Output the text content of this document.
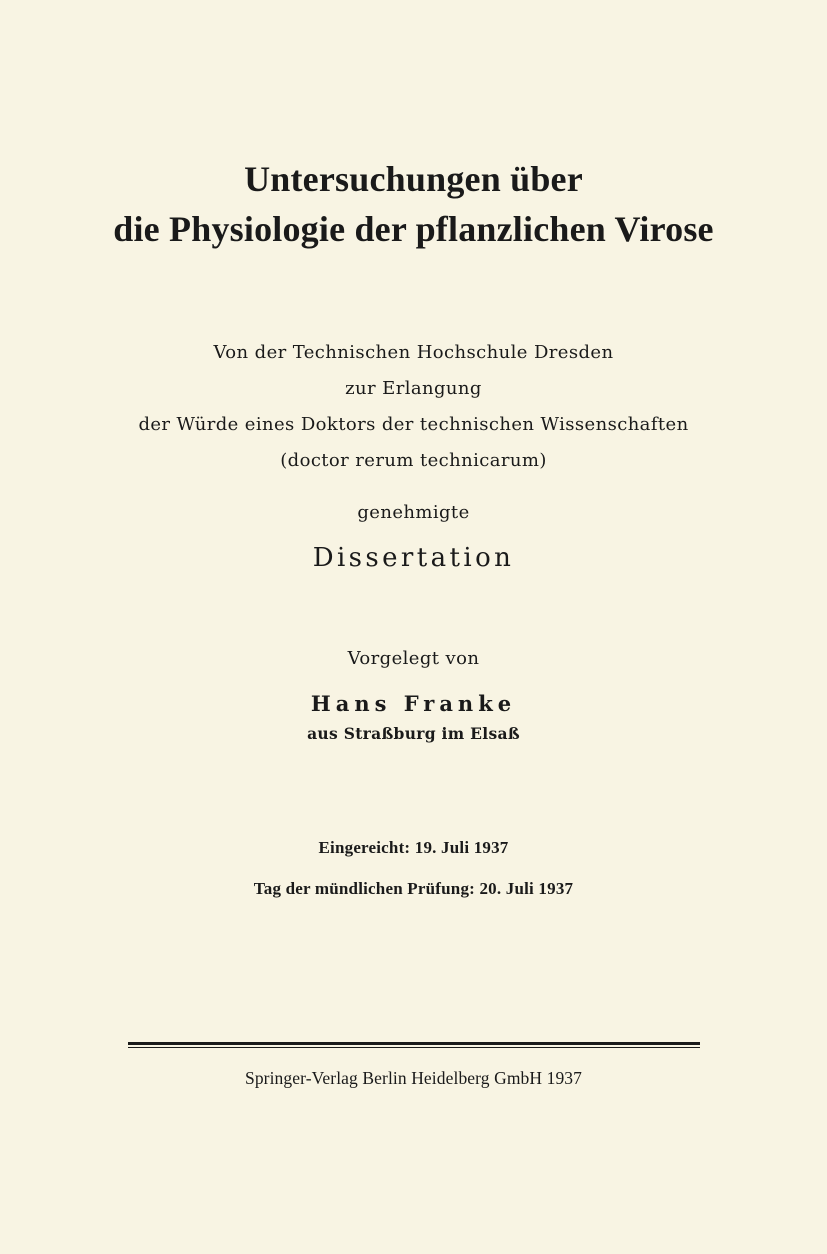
Untersuchungen über
die Physiologie der pflanzlichen Virose
Von der Technischen Hochschule Dresden
zur Erlangung
der Würde eines Doktors der technischen Wissenschaften
(doctor rerum technicarum)
genehmigte
Dissertation
Vorgelegt von
Hans Franke
aus Straßburg im Elsaß
Eingereicht: 19. Juli 1937
Tag der mündlichen Prüfung: 20. Juli 1937
Springer-Verlag Berlin Heidelberg GmbH 1937
